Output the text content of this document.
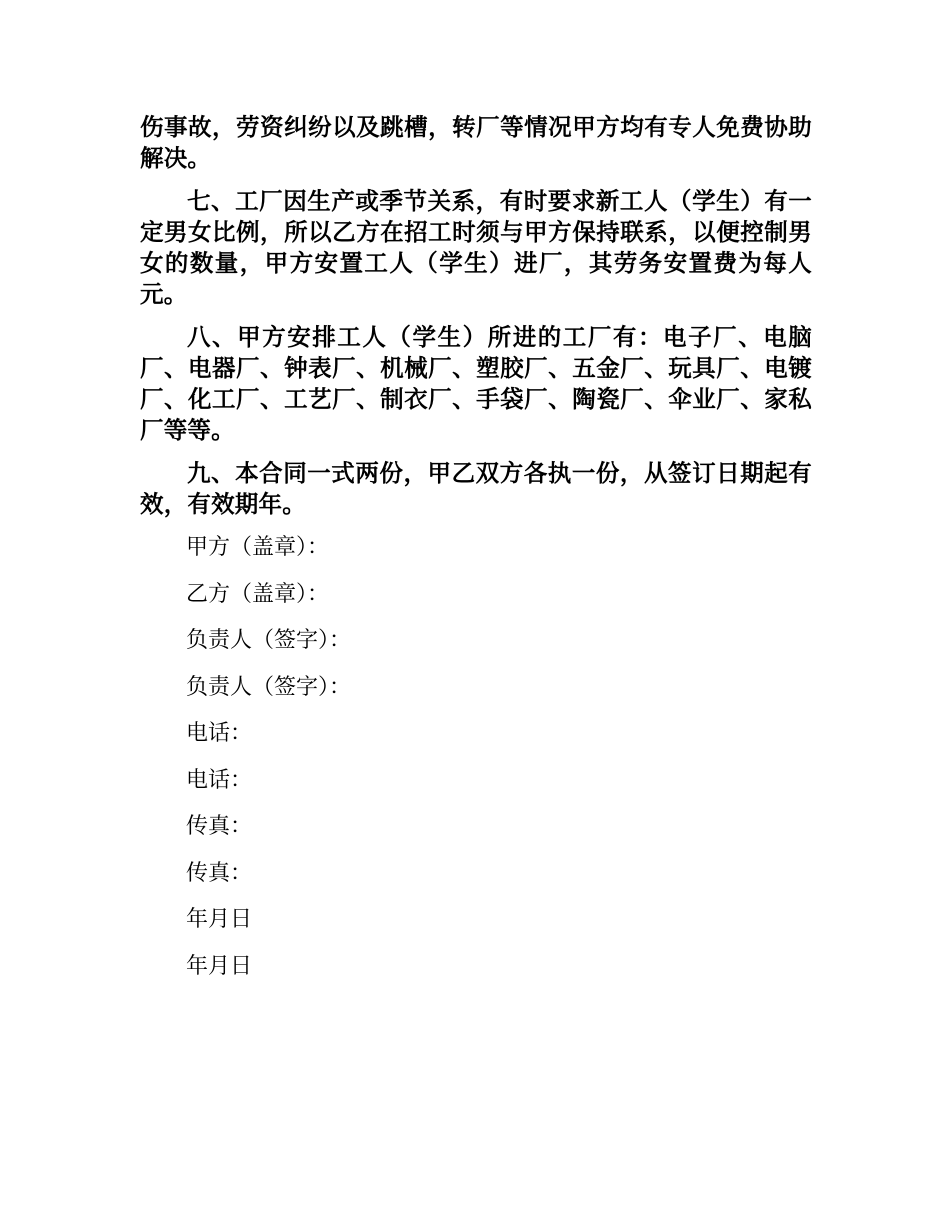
伤事故，劳资纠纷以及跳槽，转厂等情况甲方均有专人免费协助解决。

七、工厂因生产或季节关系，有时要求新工人（学生）有一定男女比例，所以乙方在招工时须与甲方保持联系，以便控制男女的数量，甲方安置工人（学生）进厂，其劳务安置费为每人元。

八、甲方安排工人（学生）所进的工厂有：电子厂、电脑厂、电器厂、钟表厂、机械厂、塑胶厂、五金厂、玩具厂、电镀厂、化工厂、工艺厂、制衣厂、手袋厂、陶瓷厂、伞业厂、家私厂等等。

九、本合同一式两份，甲乙双方各执一份，从签订日期起有效，有效期年。

甲方（盖章）：
乙方（盖章）：
负责人（签字）：
负责人（签字）：
电话：
电话：
传真：
传真：
年月日
年月日
